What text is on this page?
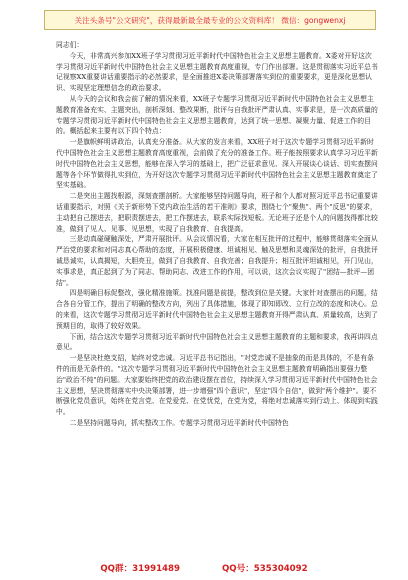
关注头条号"公文研究"，获得最新最全最专业的公文资料库！ 微信：gongwenxj

同志们：

今天，非常高兴参加XX班子学习贯彻习近平新时代中国特色社会主义思想主题教育。X委对开好这次学习贯彻习近平新时代中国特色社会主义思想主题教育高度重视，专门作出部署。这是贯彻落实习近平总书记视察XX重要讲话重要指示的必然要求，是全面推进X委决策部署落实到位的重要要求，更是深化思想认识、实现坚定理想信念的政治要求。

从今天的会议和我会前了解的情况来看，XX班子专题学习贯彻习近平新时代中国特色社会主义思想主题教育准备充实、主题突出，剖析深刻、整改果断，批评与自我批评严肃认真、实事求是，是一次高质量的专题学习贯彻习近平新时代中国特色社会主义思想主题教育，达到了统一思想、凝聚力量、促进工作的目的。概括起来主要有以下四个特点：

一是旗帜鲜明讲政治，认真充分准备。从大家的发言来看，XX班子对于这次专题学习贯彻习近平新时代中国特色社会主义思想主题教育高度重视，会前做了充分的准备工作。班子能按照要求认真学习习近平新时代中国特色社会主义思想，能够在深入学习的基础上，把广泛征求意见、深入开展谈心谈话、切实查摆问题等各个环节做得扎实到位，为开好这次专题学习贯彻习近平新时代中国特色社会主义思想主题教育奠定了坚实基础。

二是突出主题找根源，深刻查摆剖析。大家能够坚持问题导向，班子和个人都对照习近平总书记重要讲话重要指示，对照《关于新形势下党内政治生活的若干准则》要求，围绕七个"聚焦"、两个"反思"的要求，主动把自己摆进去，把职责摆进去，把工作摆进去，联系实际找短板。无论班子还是个人的问题找得都比较准，做到了见人、见事、见思想，实现了自我教育、自我提高。

三是动真碰硬触深处，严肃开展批评。从会议情况看，大家在相互批评的过程中，能够贯彻落实全面从严治党的要求和对同志真心帮助的态度，开展积极健康、坦诚相见、触及思想和灵魂深处的批评，自我批评诚恳诚实，认真揭短，大胆亮丑，做到了自我教育、自我完善；自我提升；相互批评坦诚相见，开门见山，实事求是，真正起到了为了同志、帮助同志、改进工作的作用，可以说，这次会议实现了"团结—批评—团结"。

四是明确目标促整改，强化精准施策。找准问题是前提，整改到位是关键。大家针对查摆出的问题，结合各自分管工作，提出了明确的整改方向，列出了具体措施，体现了即知即改、立行立改的态度和决心。总的来看，这次专题学习贯彻习近平新时代中国特色社会主义思想主题教育开得严肃认真、质量较高，达到了预期目的，取得了较好效果。

下面，结合这次专题学习贯彻习近平新时代中国特色社会主义思想主题教育的主题和要求，我再讲四点意见。

一是坚决杜绝支招，始终对党忠诚。习近平总书记指出，"对党忠诚不是抽象的而是具体的，不是有条件的而是无条件的。"这次专题学习贯彻习近平新时代中国特色社会主义思想主题教育明确指出要强力整治"政治不纯"的问题。大家要始终把党的政治建设摆在首位，持续深入学习贯彻习近平新时代中国特色社会主义思想，坚决贯彻落实中央决策部署，进一步增强"四个意识"，坚定"四个自信"，做到"两个维护"。要不断强化党员意识，始终在党言党、在党爱党、在党忧党，在党为党，将绝对忠诚落实到行动上、体现到实践中。

二是坚持问题导向，抓实整改工作。专题学习贯彻习近平新时代中国特色

QQ群：31991489	QQ号：535304092
